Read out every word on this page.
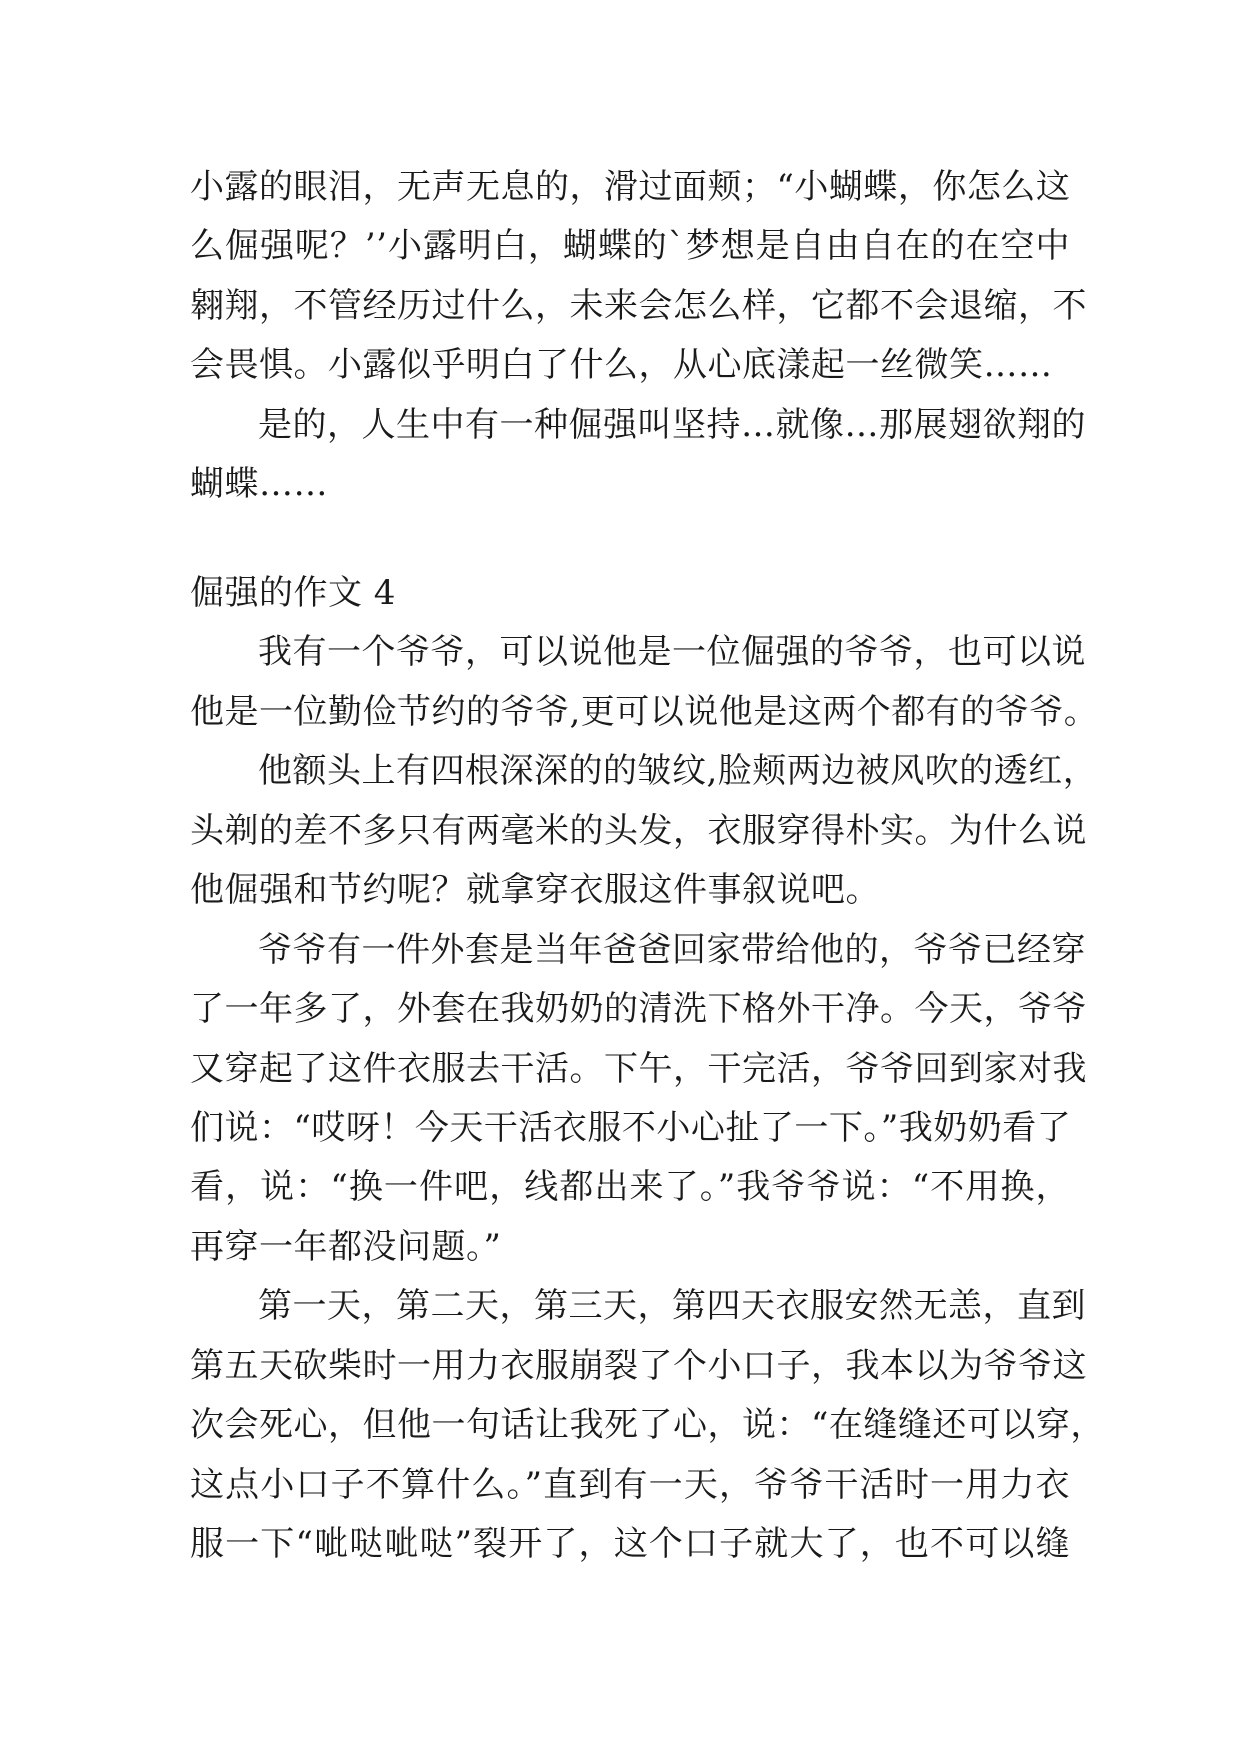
小露的眼泪，无声无息的，滑过面颊；“小蝴蝶，你怎么这
么倔强呢？’’小露明白，蝴蝶的`梦想是自由自在的在空中
翱翔，不管经历过什么，未来会怎么样，它都不会退缩，不
会畏惧。小露似乎明白了什么，从心底漾起一丝微笑……
是的，人生中有一种倔强叫坚持…就像…那展翅欲翔的
蝴蝶……
倔强的作文 4
我有一个爷爷，可以说他是一位倔强的爷爷，也可以说
他是一位勤俭节约的爷爷,更可以说他是这两个都有的爷爷。
他额头上有四根深深的的皱纹,脸颊两边被风吹的透红，
头剃的差不多只有两毫米的头发，衣服穿得朴实。为什么说
他倔强和节约呢？就拿穿衣服这件事叙说吧。
爷爷有一件外套是当年爸爸回家带给他的，爷爷已经穿
了一年多了，外套在我奶奶的清洗下格外干净。今天，爷爷
又穿起了这件衣服去干活。下午，干完活，爷爷回到家对我
们说：“哎呀！今天干活衣服不小心扯了一下。”我奶奶看了
看，说：“换一件吧，线都出来了。”我爷爷说：“不用换，
再穿一年都没问题。”
第一天，第二天，第三天，第四天衣服安然无恙，直到
第五天砍柴时一用力衣服崩裂了个小口子，我本以为爷爷这
次会死心，但他一句话让我死了心，说：“在缝缝还可以穿，
这点小口子不算什么。”直到有一天，爷爷干活时一用力衣
服一下“呲哒呲哒”裂开了，这个口子就大了，也不可以缝
